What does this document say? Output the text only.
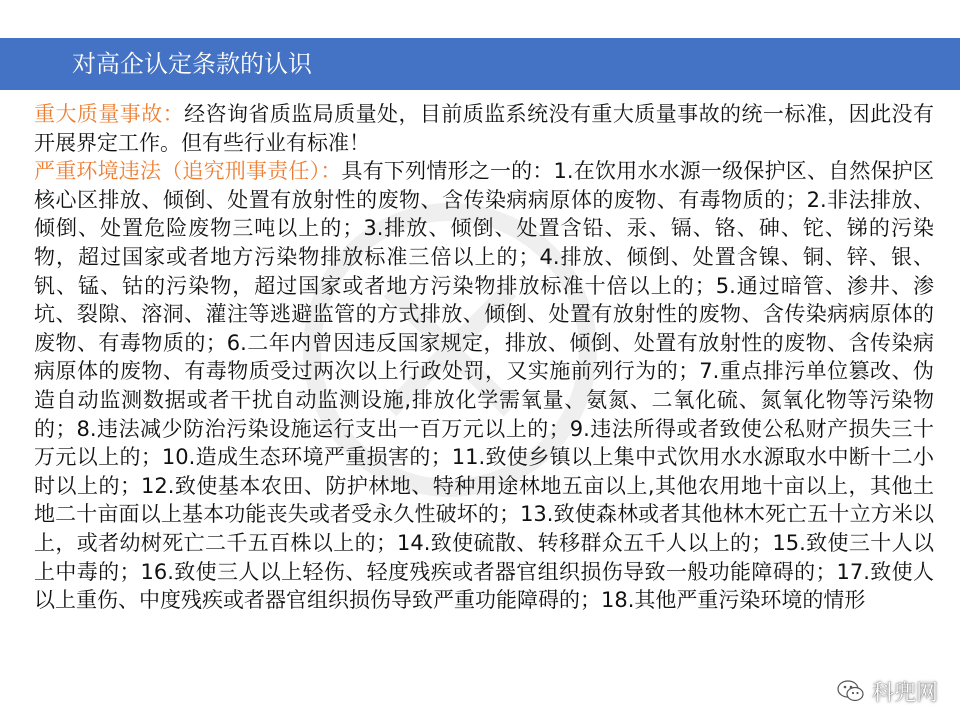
对高企认定条款的认识

重大质量事故：经咨询省质监局质量处，目前质监系统没有重大质量事故的统一标准，因此没有开展界定工作。但有些行业有标准！

严重环境违法（追究刑事责任）：具有下列情形之一的：1.在饮用水水源一级保护区、自然保护区核心区排放、倾倒、处置有放射性的废物、含传染病病原体的废物、有毒物质的；2.非法排放、倾倒、处置危险废物三吨以上的；3.排放、倾倒、处置含铅、汞、镉、铬、砷、铊、锑的污染物，超过国家或者地方污染物排放标准三倍以上的；4.排放、倾倒、处置含镍、铜、锌、银、钒、锰、钴的污染物，超过国家或者地方污染物排放标准十倍以上的；5.通过暗管、渗井、渗坑、裂隙、溶洞、灌注等逃避监管的方式排放、倾倒、处置有放射性的废物、含传染病病原体的废物、有毒物质的；6.二年内曾因违反国家规定，排放、倾倒、处置有放射性的废物、含传染病病原体的废物、有毒物质受过两次以上行政处罚，又实施前列行为的；7.重点排污单位篡改、伪造自动监测数据或者干扰自动监测设施,排放化学需氧量、氨氮、二氧化硫、氮氧化物等污染物的；8.违法减少防治污染设施运行支出一百万元以上的；9.违法所得或者致使公私财产损失三十万元以上的；10.造成生态环境严重损害的；11.致使乡镇以上集中式饮用水水源取水中断十二小时以上的；12.致使基本农田、防护林地、特种用途林地五亩以上,其他农用地十亩以上，其他土地二十亩面以上基本功能丧失或者受永久性破坏的；13.致使森林或者其他林木死亡五十立方米以上，或者幼树死亡二千五百株以上的；14.致使硫散、转移群众五千人以上的；15.致使三十人以上中毒的；16.致使三人以上轻伤、轻度残疾或者器官组织损伤导致一般功能障碍的；17.致使人以上重伤、中度残疾或者器官组织损伤导致严重功能障碍的；18.其他严重污染环境的情形

科兜网
